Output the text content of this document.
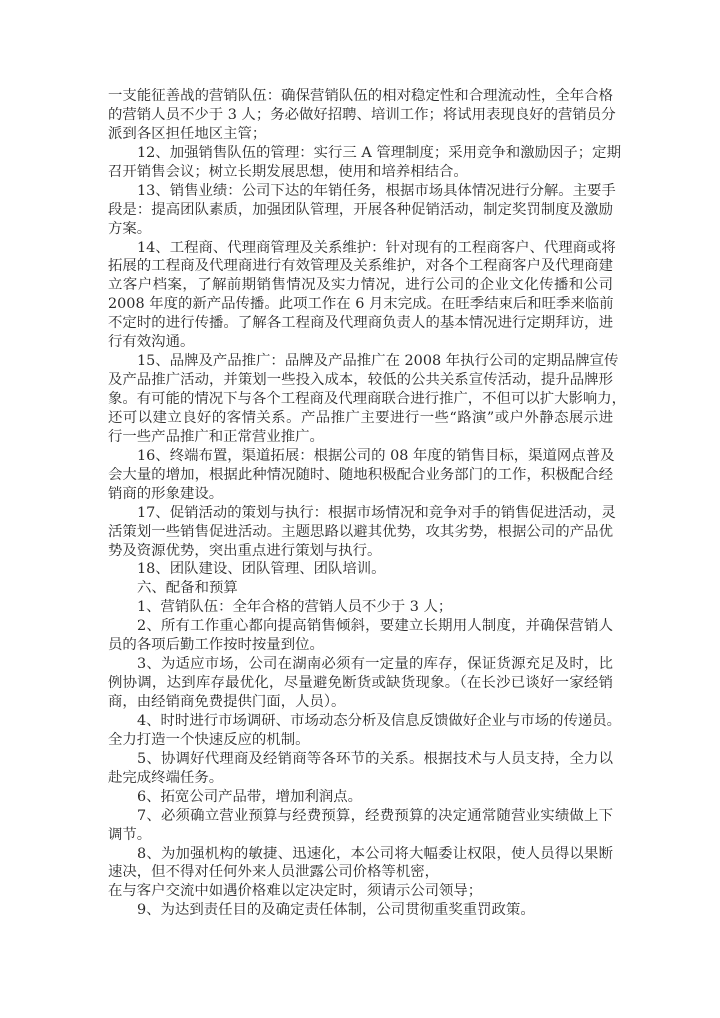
一支能征善战的营销队伍：确保营销队伍的相对稳定性和合理流动性，全年合格
的营销人员不少于 3 人；务必做好招聘、培训工作；将试用表现良好的营销员分
派到各区担任地区主管；
12、加强销售队伍的管理：实行三 A 管理制度；采用竞争和激励因子；定期
召开销售会议；树立长期发展思想，使用和培养相结合。
13、销售业绩：公司下达的年销任务，根据市场具体情况进行分解。主要手
段是：提高团队素质，加强团队管理，开展各种促销活动，制定奖罚制度及激励
方案。
14、工程商、代理商管理及关系维护：针对现有的工程商客户、代理商或将
拓展的工程商及代理商进行有效管理及关系维护，对各个工程商客户及代理商建
立客户档案，了解前期销售情况及实力情况，进行公司的企业文化传播和公司
2008 年度的新产品传播。此项工作在 6 月末完成。在旺季结束后和旺季来临前
不定时的进行传播。了解各工程商及代理商负责人的基本情况进行定期拜访，进
行有效沟通。
15、品牌及产品推广：品牌及产品推广在 2008 年执行公司的定期品牌宣传
及产品推广活动，并策划一些投入成本，较低的公共关系宣传活动，提升品牌形
象。有可能的情况下与各个工程商及代理商联合进行推广，不但可以扩大影响力，
还可以建立良好的客情关系。产品推广主要进行一些“路演”或户外静态展示进
行一些产品推广和正常营业推广。
16、终端布置，渠道拓展：根据公司的 08 年度的销售目标，渠道网点普及
会大量的增加，根据此种情况随时、随地积极配合业务部门的工作，积极配合经
销商的形象建设。
17、促销活动的策划与执行：根据市场情况和竞争对手的销售促进活动，灵
活策划一些销售促进活动。主题思路以避其优势，攻其劣势，根据公司的产品优
势及资源优势，突出重点进行策划与执行。
18、团队建设、团队管理、团队培训。
六、配备和预算
1、营销队伍：全年合格的营销人员不少于 3 人；
2、所有工作重心都向提高销售倾斜，要建立长期用人制度，并确保营销人
员的各项后勤工作按时按量到位。
3、为适应市场，公司在湖南必须有一定量的库存，保证货源充足及时，比
例协调，达到库存最优化，尽量避免断货或缺货现象。（在长沙已谈好一家经销
商，由经销商免费提供门面，人员）。
4、时时进行市场调研、市场动态分析及信息反馈做好企业与市场的传递员。
全力打造一个快速反应的机制。
5、协调好代理商及经销商等各环节的关系。根据技术与人员支持，全力以
赴完成终端任务。
6、拓宽公司产品带，增加利润点。
7、必须确立营业预算与经费预算，经费预算的决定通常随营业实绩做上下
调节。
8、为加强机构的敏捷、迅速化，本公司将大幅委让权限，使人员得以果断
速决，但不得对任何外来人员泄露公司价格等机密，
在与客户交流中如遇价格难以定决定时，须请示公司领导；
9、为达到责任目的及确定责任体制，公司贯彻重奖重罚政策。
